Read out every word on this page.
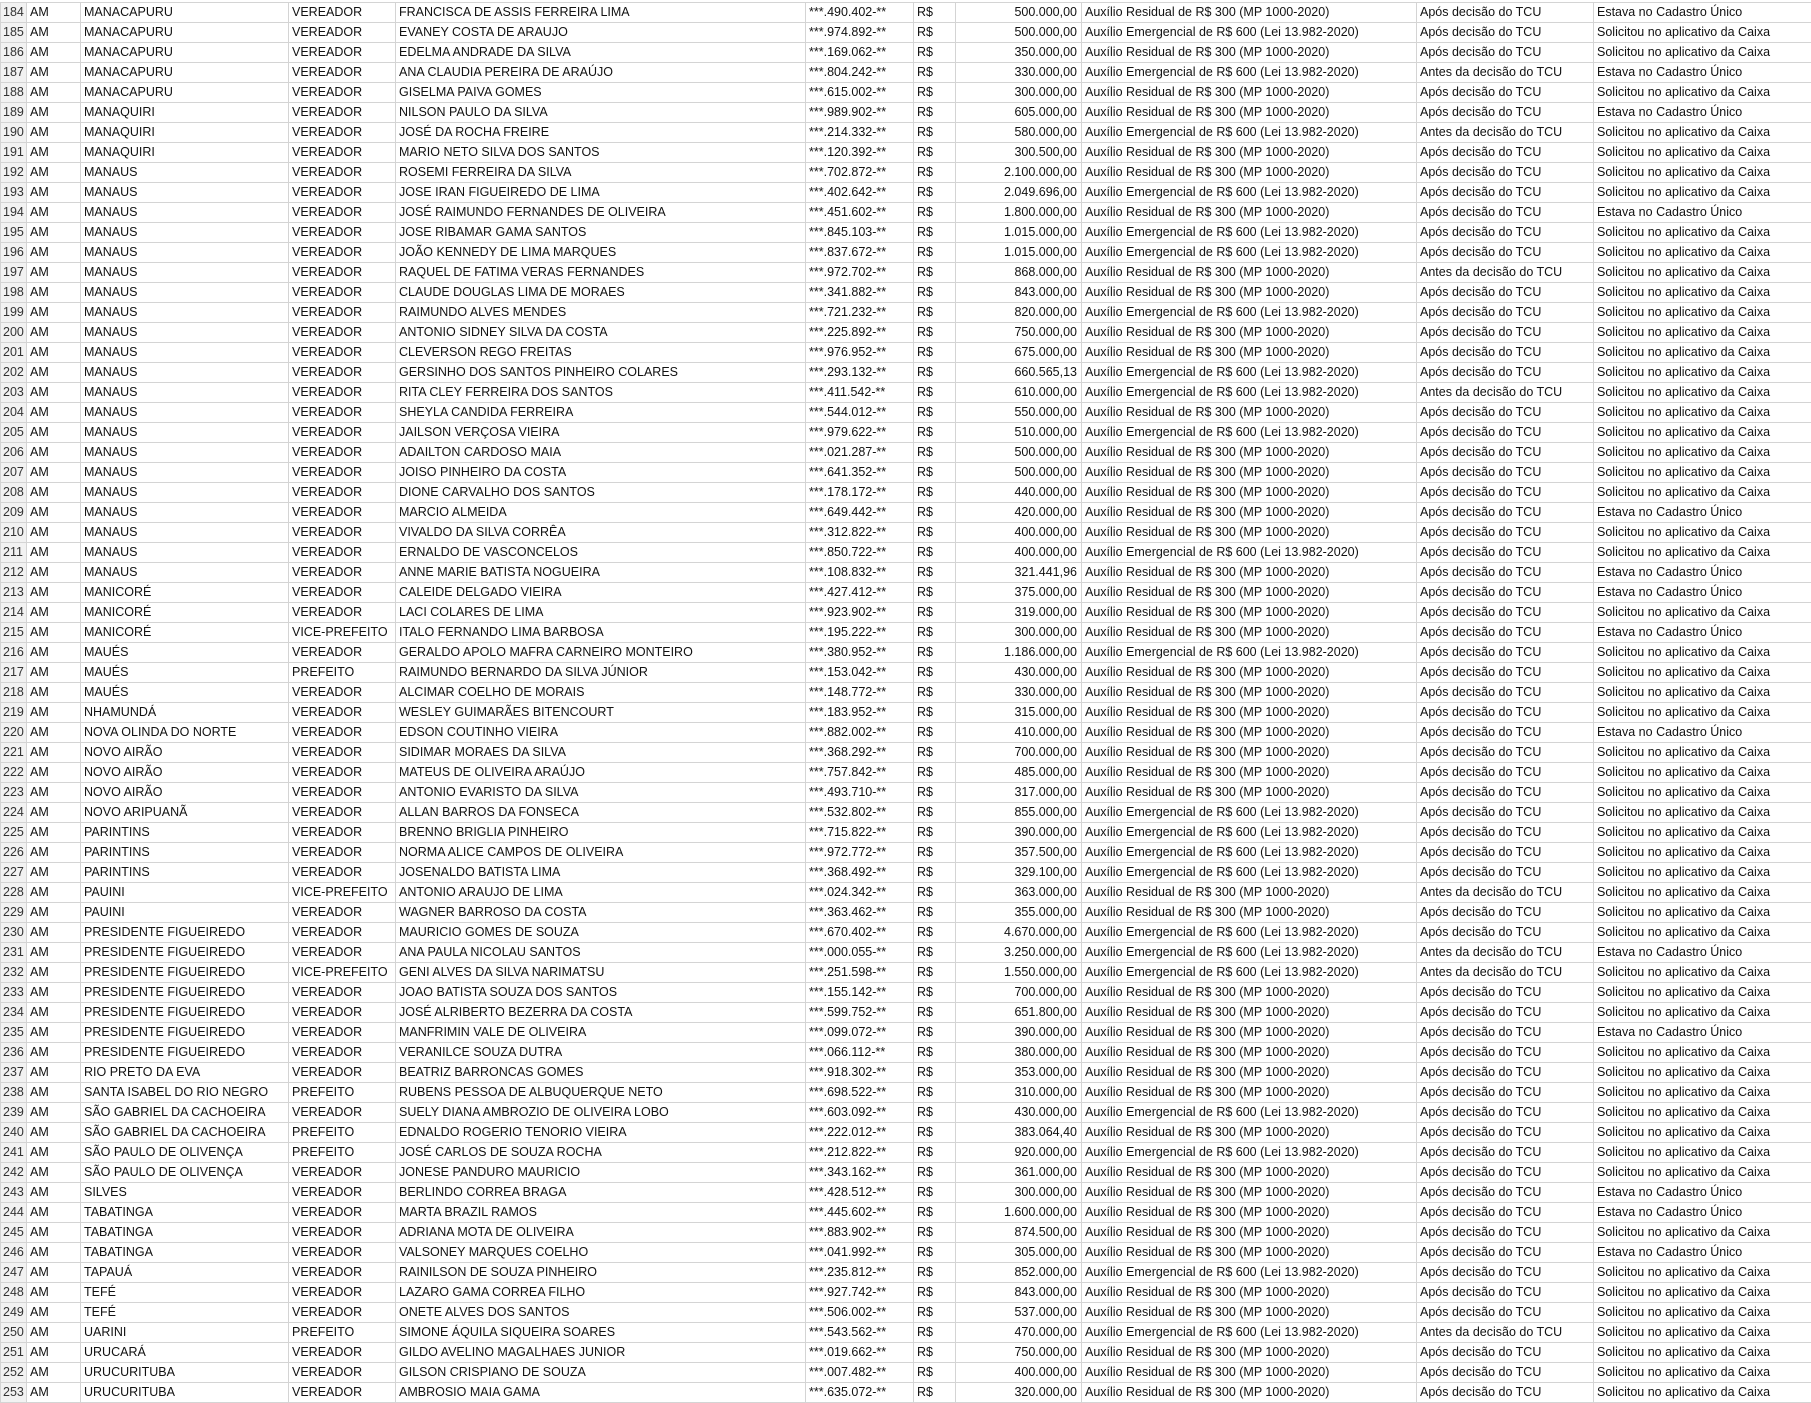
184	AM	MANACAPURU	VEREADOR	FRANCISCA DE ASSIS FERREIRA LIMA	***.490.402-**	R$	500.000,00	Auxílio Residual de R$ 300 (MP 1000-2020)	Após decisão do TCU	Estava no Cadastro Único
185	AM	MANACAPURU	VEREADOR	EVANEY COSTA DE ARAUJO	***.974.892-**	R$	500.000,00	Auxílio Emergencial de R$ 600 (Lei 13.982-2020)	Após decisão do TCU	Solicitou no aplicativo da Caixa
186	AM	MANACAPURU	VEREADOR	EDELMA ANDRADE DA SILVA	***.169.062-**	R$	350.000,00	Auxílio Residual de R$ 300 (MP 1000-2020)	Após decisão do TCU	Solicitou no aplicativo da Caixa
187	AM	MANACAPURU	VEREADOR	ANA CLAUDIA PEREIRA DE ARAÚJO	***.804.242-**	R$	330.000,00	Auxílio Emergencial de R$ 600 (Lei 13.982-2020)	Antes da decisão do TCU	Estava no Cadastro Único
188	AM	MANACAPURU	VEREADOR	GISELMA PAIVA GOMES	***.615.002-**	R$	300.000,00	Auxílio Residual de R$ 300 (MP 1000-2020)	Após decisão do TCU	Solicitou no aplicativo da Caixa
189	AM	MANAQUIRI	VEREADOR	NILSON PAULO DA SILVA	***.989.902-**	R$	605.000,00	Auxílio Residual de R$ 300 (MP 1000-2020)	Após decisão do TCU	Estava no Cadastro Único
190	AM	MANAQUIRI	VEREADOR	JOSÉ DA ROCHA FREIRE	***.214.332-**	R$	580.000,00	Auxílio Emergencial de R$ 600 (Lei 13.982-2020)	Antes da decisão do TCU	Solicitou no aplicativo da Caixa
191	AM	MANAQUIRI	VEREADOR	MARIO NETO SILVA DOS SANTOS	***.120.392-**	R$	300.500,00	Auxílio Residual de R$ 300 (MP 1000-2020)	Após decisão do TCU	Solicitou no aplicativo da Caixa
192	AM	MANAUS	VEREADOR	ROSEMI FERREIRA DA SILVA	***.702.872-**	R$	2.100.000,00	Auxílio Residual de R$ 300 (MP 1000-2020)	Após decisão do TCU	Solicitou no aplicativo da Caixa
193	AM	MANAUS	VEREADOR	JOSE IRAN FIGUEIREDO DE LIMA	***.402.642-**	R$	2.049.696,00	Auxílio Emergencial de R$ 600 (Lei 13.982-2020)	Após decisão do TCU	Solicitou no aplicativo da Caixa
194	AM	MANAUS	VEREADOR	JOSÉ RAIMUNDO FERNANDES DE OLIVEIRA	***.451.602-**	R$	1.800.000,00	Auxílio Residual de R$ 300 (MP 1000-2020)	Após decisão do TCU	Estava no Cadastro Único
195	AM	MANAUS	VEREADOR	JOSE RIBAMAR GAMA SANTOS	***.845.103-**	R$	1.015.000,00	Auxílio Emergencial de R$ 600 (Lei 13.982-2020)	Após decisão do TCU	Solicitou no aplicativo da Caixa
196	AM	MANAUS	VEREADOR	JOÃO KENNEDY DE LIMA MARQUES	***.837.672-**	R$	1.015.000,00	Auxílio Emergencial de R$ 600 (Lei 13.982-2020)	Após decisão do TCU	Solicitou no aplicativo da Caixa
197	AM	MANAUS	VEREADOR	RAQUEL DE FATIMA VERAS FERNANDES	***.972.702-**	R$	868.000,00	Auxílio Residual de R$ 300 (MP 1000-2020)	Antes da decisão do TCU	Solicitou no aplicativo da Caixa
198	AM	MANAUS	VEREADOR	CLAUDE DOUGLAS LIMA DE MORAES	***.341.882-**	R$	843.000,00	Auxílio Residual de R$ 300 (MP 1000-2020)	Após decisão do TCU	Solicitou no aplicativo da Caixa
199	AM	MANAUS	VEREADOR	RAIMUNDO ALVES MENDES	***.721.232-**	R$	820.000,00	Auxílio Emergencial de R$ 600 (Lei 13.982-2020)	Após decisão do TCU	Solicitou no aplicativo da Caixa
200	AM	MANAUS	VEREADOR	ANTONIO SIDNEY SILVA DA COSTA	***.225.892-**	R$	750.000,00	Auxílio Residual de R$ 300 (MP 1000-2020)	Após decisão do TCU	Solicitou no aplicativo da Caixa
201	AM	MANAUS	VEREADOR	CLEVERSON REGO FREITAS	***.976.952-**	R$	675.000,00	Auxílio Residual de R$ 300 (MP 1000-2020)	Após decisão do TCU	Solicitou no aplicativo da Caixa
202	AM	MANAUS	VEREADOR	GERSINHO DOS SANTOS PINHEIRO COLARES	***.293.132-**	R$	660.565,13	Auxílio Emergencial de R$ 600 (Lei 13.982-2020)	Após decisão do TCU	Solicitou no aplicativo da Caixa
203	AM	MANAUS	VEREADOR	RITA CLEY FERREIRA DOS SANTOS	***.411.542-**	R$	610.000,00	Auxílio Emergencial de R$ 600 (Lei 13.982-2020)	Antes da decisão do TCU	Solicitou no aplicativo da Caixa
204	AM	MANAUS	VEREADOR	SHEYLA CANDIDA FERREIRA	***.544.012-**	R$	550.000,00	Auxílio Residual de R$ 300 (MP 1000-2020)	Após decisão do TCU	Solicitou no aplicativo da Caixa
205	AM	MANAUS	VEREADOR	JAILSON VERÇOSA VIEIRA	***.979.622-**	R$	510.000,00	Auxílio Emergencial de R$ 600 (Lei 13.982-2020)	Após decisão do TCU	Solicitou no aplicativo da Caixa
206	AM	MANAUS	VEREADOR	ADAILTON CARDOSO MAIA	***.021.287-**	R$	500.000,00	Auxílio Residual de R$ 300 (MP 1000-2020)	Após decisão do TCU	Solicitou no aplicativo da Caixa
207	AM	MANAUS	VEREADOR	JOISO PINHEIRO DA COSTA	***.641.352-**	R$	500.000,00	Auxílio Residual de R$ 300 (MP 1000-2020)	Após decisão do TCU	Solicitou no aplicativo da Caixa
208	AM	MANAUS	VEREADOR	DIONE CARVALHO DOS SANTOS	***.178.172-**	R$	440.000,00	Auxílio Residual de R$ 300 (MP 1000-2020)	Após decisão do TCU	Solicitou no aplicativo da Caixa
209	AM	MANAUS	VEREADOR	MARCIO ALMEIDA	***.649.442-**	R$	420.000,00	Auxílio Residual de R$ 300 (MP 1000-2020)	Após decisão do TCU	Estava no Cadastro Único
210	AM	MANAUS	VEREADOR	VIVALDO DA SILVA CORRÊA	***.312.822-**	R$	400.000,00	Auxílio Residual de R$ 300 (MP 1000-2020)	Após decisão do TCU	Solicitou no aplicativo da Caixa
211	AM	MANAUS	VEREADOR	ERNALDO DE VASCONCELOS	***.850.722-**	R$	400.000,00	Auxílio Emergencial de R$ 600 (Lei 13.982-2020)	Após decisão do TCU	Solicitou no aplicativo da Caixa
212	AM	MANAUS	VEREADOR	ANNE MARIE BATISTA NOGUEIRA	***.108.832-**	R$	321.441,96	Auxílio Residual de R$ 300 (MP 1000-2020)	Após decisão do TCU	Estava no Cadastro Único
213	AM	MANICORÉ	VEREADOR	CALEIDE DELGADO VIEIRA	***.427.412-**	R$	375.000,00	Auxílio Residual de R$ 300 (MP 1000-2020)	Após decisão do TCU	Estava no Cadastro Único
214	AM	MANICORÉ	VEREADOR	LACI COLARES DE LIMA	***.923.902-**	R$	319.000,00	Auxílio Residual de R$ 300 (MP 1000-2020)	Após decisão do TCU	Solicitou no aplicativo da Caixa
215	AM	MANICORÉ	VICE-PREFEITO	ITALO FERNANDO LIMA BARBOSA	***.195.222-**	R$	300.000,00	Auxílio Residual de R$ 300 (MP 1000-2020)	Após decisão do TCU	Estava no Cadastro Único
216	AM	MAUÉS	VEREADOR	GERALDO APOLO MAFRA CARNEIRO MONTEIRO	***.380.952-**	R$	1.186.000,00	Auxílio Emergencial de R$ 600 (Lei 13.982-2020)	Após decisão do TCU	Solicitou no aplicativo da Caixa
217	AM	MAUÉS	PREFEITO	RAIMUNDO BERNARDO DA SILVA JÚNIOR	***.153.042-**	R$	430.000,00	Auxílio Residual de R$ 300 (MP 1000-2020)	Após decisão do TCU	Solicitou no aplicativo da Caixa
218	AM	MAUÉS	VEREADOR	ALCIMAR COELHO DE MORAIS	***.148.772-**	R$	330.000,00	Auxílio Residual de R$ 300 (MP 1000-2020)	Após decisão do TCU	Solicitou no aplicativo da Caixa
219	AM	NHAMUNDÁ	VEREADOR	WESLEY GUIMARÃES BITENCOURT	***.183.952-**	R$	315.000,00	Auxílio Residual de R$ 300 (MP 1000-2020)	Após decisão do TCU	Solicitou no aplicativo da Caixa
220	AM	NOVA OLINDA DO NORTE	VEREADOR	EDSON COUTINHO VIEIRA	***.882.002-**	R$	410.000,00	Auxílio Residual de R$ 300 (MP 1000-2020)	Após decisão do TCU	Estava no Cadastro Único
221	AM	NOVO AIRÃO	VEREADOR	SIDIMAR MORAES DA SILVA	***.368.292-**	R$	700.000,00	Auxílio Residual de R$ 300 (MP 1000-2020)	Após decisão do TCU	Solicitou no aplicativo da Caixa
222	AM	NOVO AIRÃO	VEREADOR	MATEUS DE OLIVEIRA ARAÚJO	***.757.842-**	R$	485.000,00	Auxílio Residual de R$ 300 (MP 1000-2020)	Após decisão do TCU	Solicitou no aplicativo da Caixa
223	AM	NOVO AIRÃO	VEREADOR	ANTONIO EVARISTO DA SILVA	***.493.710-**	R$	317.000,00	Auxílio Residual de R$ 300 (MP 1000-2020)	Após decisão do TCU	Solicitou no aplicativo da Caixa
224	AM	NOVO ARIPUANÃ	VEREADOR	ALLAN BARROS DA FONSECA	***.532.802-**	R$	855.000,00	Auxílio Emergencial de R$ 600 (Lei 13.982-2020)	Após decisão do TCU	Solicitou no aplicativo da Caixa
225	AM	PARINTINS	VEREADOR	BRENNO BRIGLIA PINHEIRO	***.715.822-**	R$	390.000,00	Auxílio Emergencial de R$ 600 (Lei 13.982-2020)	Após decisão do TCU	Solicitou no aplicativo da Caixa
226	AM	PARINTINS	VEREADOR	NORMA ALICE CAMPOS DE OLIVEIRA	***.972.772-**	R$	357.500,00	Auxílio Emergencial de R$ 600 (Lei 13.982-2020)	Após decisão do TCU	Solicitou no aplicativo da Caixa
227	AM	PARINTINS	VEREADOR	JOSENALDO BATISTA LIMA	***.368.492-**	R$	329.100,00	Auxílio Emergencial de R$ 600 (Lei 13.982-2020)	Após decisão do TCU	Solicitou no aplicativo da Caixa
228	AM	PAUINI	VICE-PREFEITO	ANTONIO ARAUJO DE LIMA	***.024.342-**	R$	363.000,00	Auxílio Residual de R$ 300 (MP 1000-2020)	Antes da decisão do TCU	Solicitou no aplicativo da Caixa
229	AM	PAUINI	VEREADOR	WAGNER BARROSO DA COSTA	***.363.462-**	R$	355.000,00	Auxílio Residual de R$ 300 (MP 1000-2020)	Após decisão do TCU	Solicitou no aplicativo da Caixa
230	AM	PRESIDENTE FIGUEIREDO	VEREADOR	MAURICIO GOMES DE SOUZA	***.670.402-**	R$	4.670.000,00	Auxílio Emergencial de R$ 600 (Lei 13.982-2020)	Após decisão do TCU	Solicitou no aplicativo da Caixa
231	AM	PRESIDENTE FIGUEIREDO	VEREADOR	ANA PAULA NICOLAU SANTOS	***.000.055-**	R$	3.250.000,00	Auxílio Emergencial de R$ 600 (Lei 13.982-2020)	Antes da decisão do TCU	Estava no Cadastro Único
232	AM	PRESIDENTE FIGUEIREDO	VICE-PREFEITO	GENI ALVES DA SILVA NARIMATSU	***.251.598-**	R$	1.550.000,00	Auxílio Emergencial de R$ 600 (Lei 13.982-2020)	Antes da decisão do TCU	Solicitou no aplicativo da Caixa
233	AM	PRESIDENTE FIGUEIREDO	VEREADOR	JOAO BATISTA SOUZA DOS SANTOS	***.155.142-**	R$	700.000,00	Auxílio Residual de R$ 300 (MP 1000-2020)	Após decisão do TCU	Solicitou no aplicativo da Caixa
234	AM	PRESIDENTE FIGUEIREDO	VEREADOR	JOSÉ ALRIBERTO BEZERRA DA COSTA	***.599.752-**	R$	651.800,00	Auxílio Residual de R$ 300 (MP 1000-2020)	Após decisão do TCU	Solicitou no aplicativo da Caixa
235	AM	PRESIDENTE FIGUEIREDO	VEREADOR	MANFRIMIN VALE DE OLIVEIRA	***.099.072-**	R$	390.000,00	Auxílio Residual de R$ 300 (MP 1000-2020)	Após decisão do TCU	Estava no Cadastro Único
236	AM	PRESIDENTE FIGUEIREDO	VEREADOR	VERANILCE SOUZA DUTRA	***.066.112-**	R$	380.000,00	Auxílio Residual de R$ 300 (MP 1000-2020)	Após decisão do TCU	Solicitou no aplicativo da Caixa
237	AM	RIO PRETO DA EVA	VEREADOR	BEATRIZ BARRONCAS GOMES	***.918.302-**	R$	353.000,00	Auxílio Residual de R$ 300 (MP 1000-2020)	Após decisão do TCU	Solicitou no aplicativo da Caixa
238	AM	SANTA ISABEL DO RIO NEGRO	PREFEITO	RUBENS PESSOA DE ALBUQUERQUE NETO	***.698.522-**	R$	310.000,00	Auxílio Residual de R$ 300 (MP 1000-2020)	Após decisão do TCU	Solicitou no aplicativo da Caixa
239	AM	SÃO GABRIEL DA CACHOEIRA	VEREADOR	SUELY DIANA AMBROZIO DE OLIVEIRA LOBO	***.603.092-**	R$	430.000,00	Auxílio Emergencial de R$ 600 (Lei 13.982-2020)	Após decisão do TCU	Solicitou no aplicativo da Caixa
240	AM	SÃO GABRIEL DA CACHOEIRA	PREFEITO	EDNALDO ROGERIO TENORIO VIEIRA	***.222.012-**	R$	383.064,40	Auxílio Residual de R$ 300 (MP 1000-2020)	Após decisão do TCU	Solicitou no aplicativo da Caixa
241	AM	SÃO PAULO DE OLIVENÇA	PREFEITO	JOSÉ CARLOS DE SOUZA ROCHA	***.212.822-**	R$	920.000,00	Auxílio Emergencial de R$ 600 (Lei 13.982-2020)	Após decisão do TCU	Solicitou no aplicativo da Caixa
242	AM	SÃO PAULO DE OLIVENÇA	VEREADOR	JONESE PANDURO MAURICIO	***.343.162-**	R$	361.000,00	Auxílio Residual de R$ 300 (MP 1000-2020)	Após decisão do TCU	Solicitou no aplicativo da Caixa
243	AM	SILVES	VEREADOR	BERLINDO CORREA BRAGA	***.428.512-**	R$	300.000,00	Auxílio Residual de R$ 300 (MP 1000-2020)	Após decisão do TCU	Estava no Cadastro Único
244	AM	TABATINGA	VEREADOR	MARTA BRAZIL RAMOS	***.445.602-**	R$	1.600.000,00	Auxílio Residual de R$ 300 (MP 1000-2020)	Após decisão do TCU	Estava no Cadastro Único
245	AM	TABATINGA	VEREADOR	ADRIANA MOTA DE OLIVEIRA	***.883.902-**	R$	874.500,00	Auxílio Residual de R$ 300 (MP 1000-2020)	Após decisão do TCU	Solicitou no aplicativo da Caixa
246	AM	TABATINGA	VEREADOR	VALSONEY MARQUES COELHO	***.041.992-**	R$	305.000,00	Auxílio Residual de R$ 300 (MP 1000-2020)	Após decisão do TCU	Estava no Cadastro Único
247	AM	TAPAUÁ	VEREADOR	RAINILSON DE SOUZA PINHEIRO	***.235.812-**	R$	852.000,00	Auxílio Emergencial de R$ 600 (Lei 13.982-2020)	Após decisão do TCU	Solicitou no aplicativo da Caixa
248	AM	TEFÉ	VEREADOR	LAZARO GAMA CORREA FILHO	***.927.742-**	R$	843.000,00	Auxílio Residual de R$ 300 (MP 1000-2020)	Após decisão do TCU	Solicitou no aplicativo da Caixa
249	AM	TEFÉ	VEREADOR	ONETE ALVES DOS SANTOS	***.506.002-**	R$	537.000,00	Auxílio Residual de R$ 300 (MP 1000-2020)	Após decisão do TCU	Solicitou no aplicativo da Caixa
250	AM	UARINI	PREFEITO	SIMONE ÁQUILA SIQUEIRA SOARES	***.543.562-**	R$	470.000,00	Auxílio Emergencial de R$ 600 (Lei 13.982-2020)	Antes da decisão do TCU	Solicitou no aplicativo da Caixa
251	AM	URUCARÁ	VEREADOR	GILDO AVELINO MAGALHAES JUNIOR	***.019.662-**	R$	750.000,00	Auxílio Residual de R$ 300 (MP 1000-2020)	Após decisão do TCU	Solicitou no aplicativo da Caixa
252	AM	URUCURITUBA	VEREADOR	GILSON CRISPIANO DE SOUZA	***.007.482-**	R$	400.000,00	Auxílio Residual de R$ 300 (MP 1000-2020)	Após decisão do TCU	Solicitou no aplicativo da Caixa
253	AM	URUCURITUBA	VEREADOR	AMBROSIO MAIA GAMA	***.635.072-**	R$	320.000,00	Auxílio Residual de R$ 300 (MP 1000-2020)	Após decisão do TCU	Solicitou no aplicativo da Caixa
